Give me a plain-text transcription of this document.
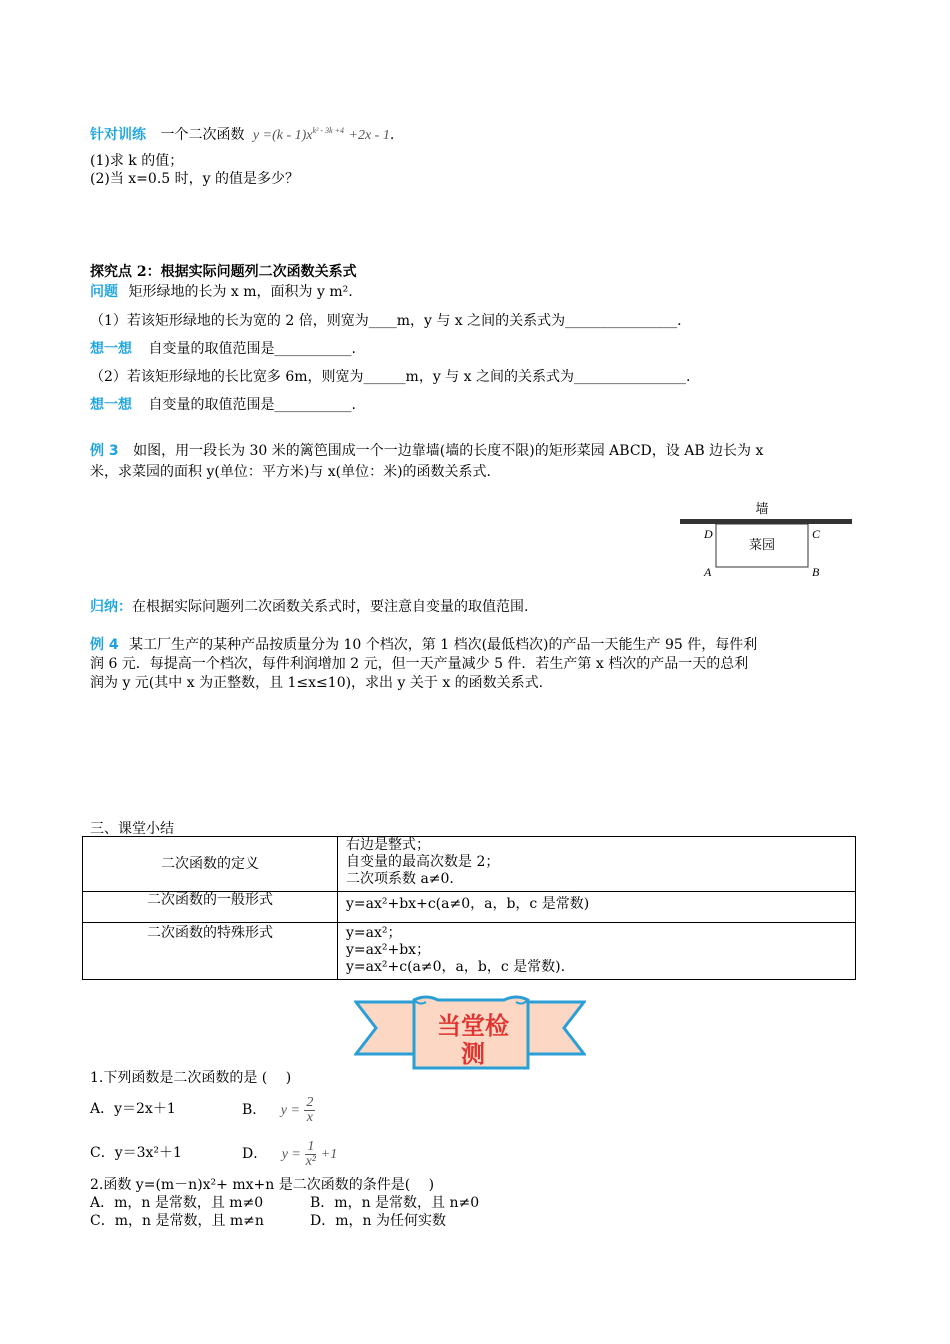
针对训练 一个二次函数 $y =(k - 1)x^{k^2 - 3k +4} +2x - 1$.
(1)求 k 的值；
(2)当 x=0.5 时，y 的值是多少？
探究点 2：根据实际问题列二次函数关系式
问题 矩形绿地的长为 x m，面积为 y m².
（1）若该矩形绿地的长为宽的 2 倍，则宽为____m，y 与 x 之间的关系式为________________.
想一想 自变量的取值范围是___________.
（2）若该矩形绿地的长比宽多 6m，则宽为______m，y 与 x 之间的关系式为________________.
想一想 自变量的取值范围是___________.
例 3 如图，用一段长为 30 米的篱笆围成一个一边靠墙(墙的长度不限)的矩形菜园 ABCD，设 AB 边长为 x
米，求菜园的面积 y(单位：平方米)与 x(单位：米)的函数关系式.
墙
菜园
D	C
A	B
归纳：在根据实际问题列二次函数关系式时，要注意自变量的取值范围.
例 4 某工厂生产的某种产品按质量分为 10 个档次，第 1 档次(最低档次)的产品一天能生产 95 件，每件利
润 6 元．每提高一个档次，每件利润增加 2 元，但一天产量减少 5 件．若生产第 x 档次的产品一天的总利
润为 y 元(其中 x 为正整数，且 1≤x≤10)，求出 y 关于 x 的函数关系式.
三、课堂小结
二次函数的定义	右边是整式；
自变量的最高次数是 2；
二次项系数 a≠0.

二次函数的一般形式	y=ax²+bx+c(a≠0，a，b，c 是常数)
二次函数的特殊形式	y=ax²；
y=ax²+bx；
y=ax²+c(a≠0，a，b，c 是常数).
当堂检测
1.下列函数是二次函数的是 (　 )
A．y＝2x＋1	B． $y = \frac{2}{x}$
C．y＝3x²＋1	D． $y = \frac{1}{\text{x²}} +1$
2.函数 y=(m－n)x²+ mx+n 是二次函数的条件是(　 )
A．m，n 是常数，且 m≠0	B．m，n 是常数，且 n≠0
C．m，n 是常数，且 m≠n	D．m，n 为任何实数
